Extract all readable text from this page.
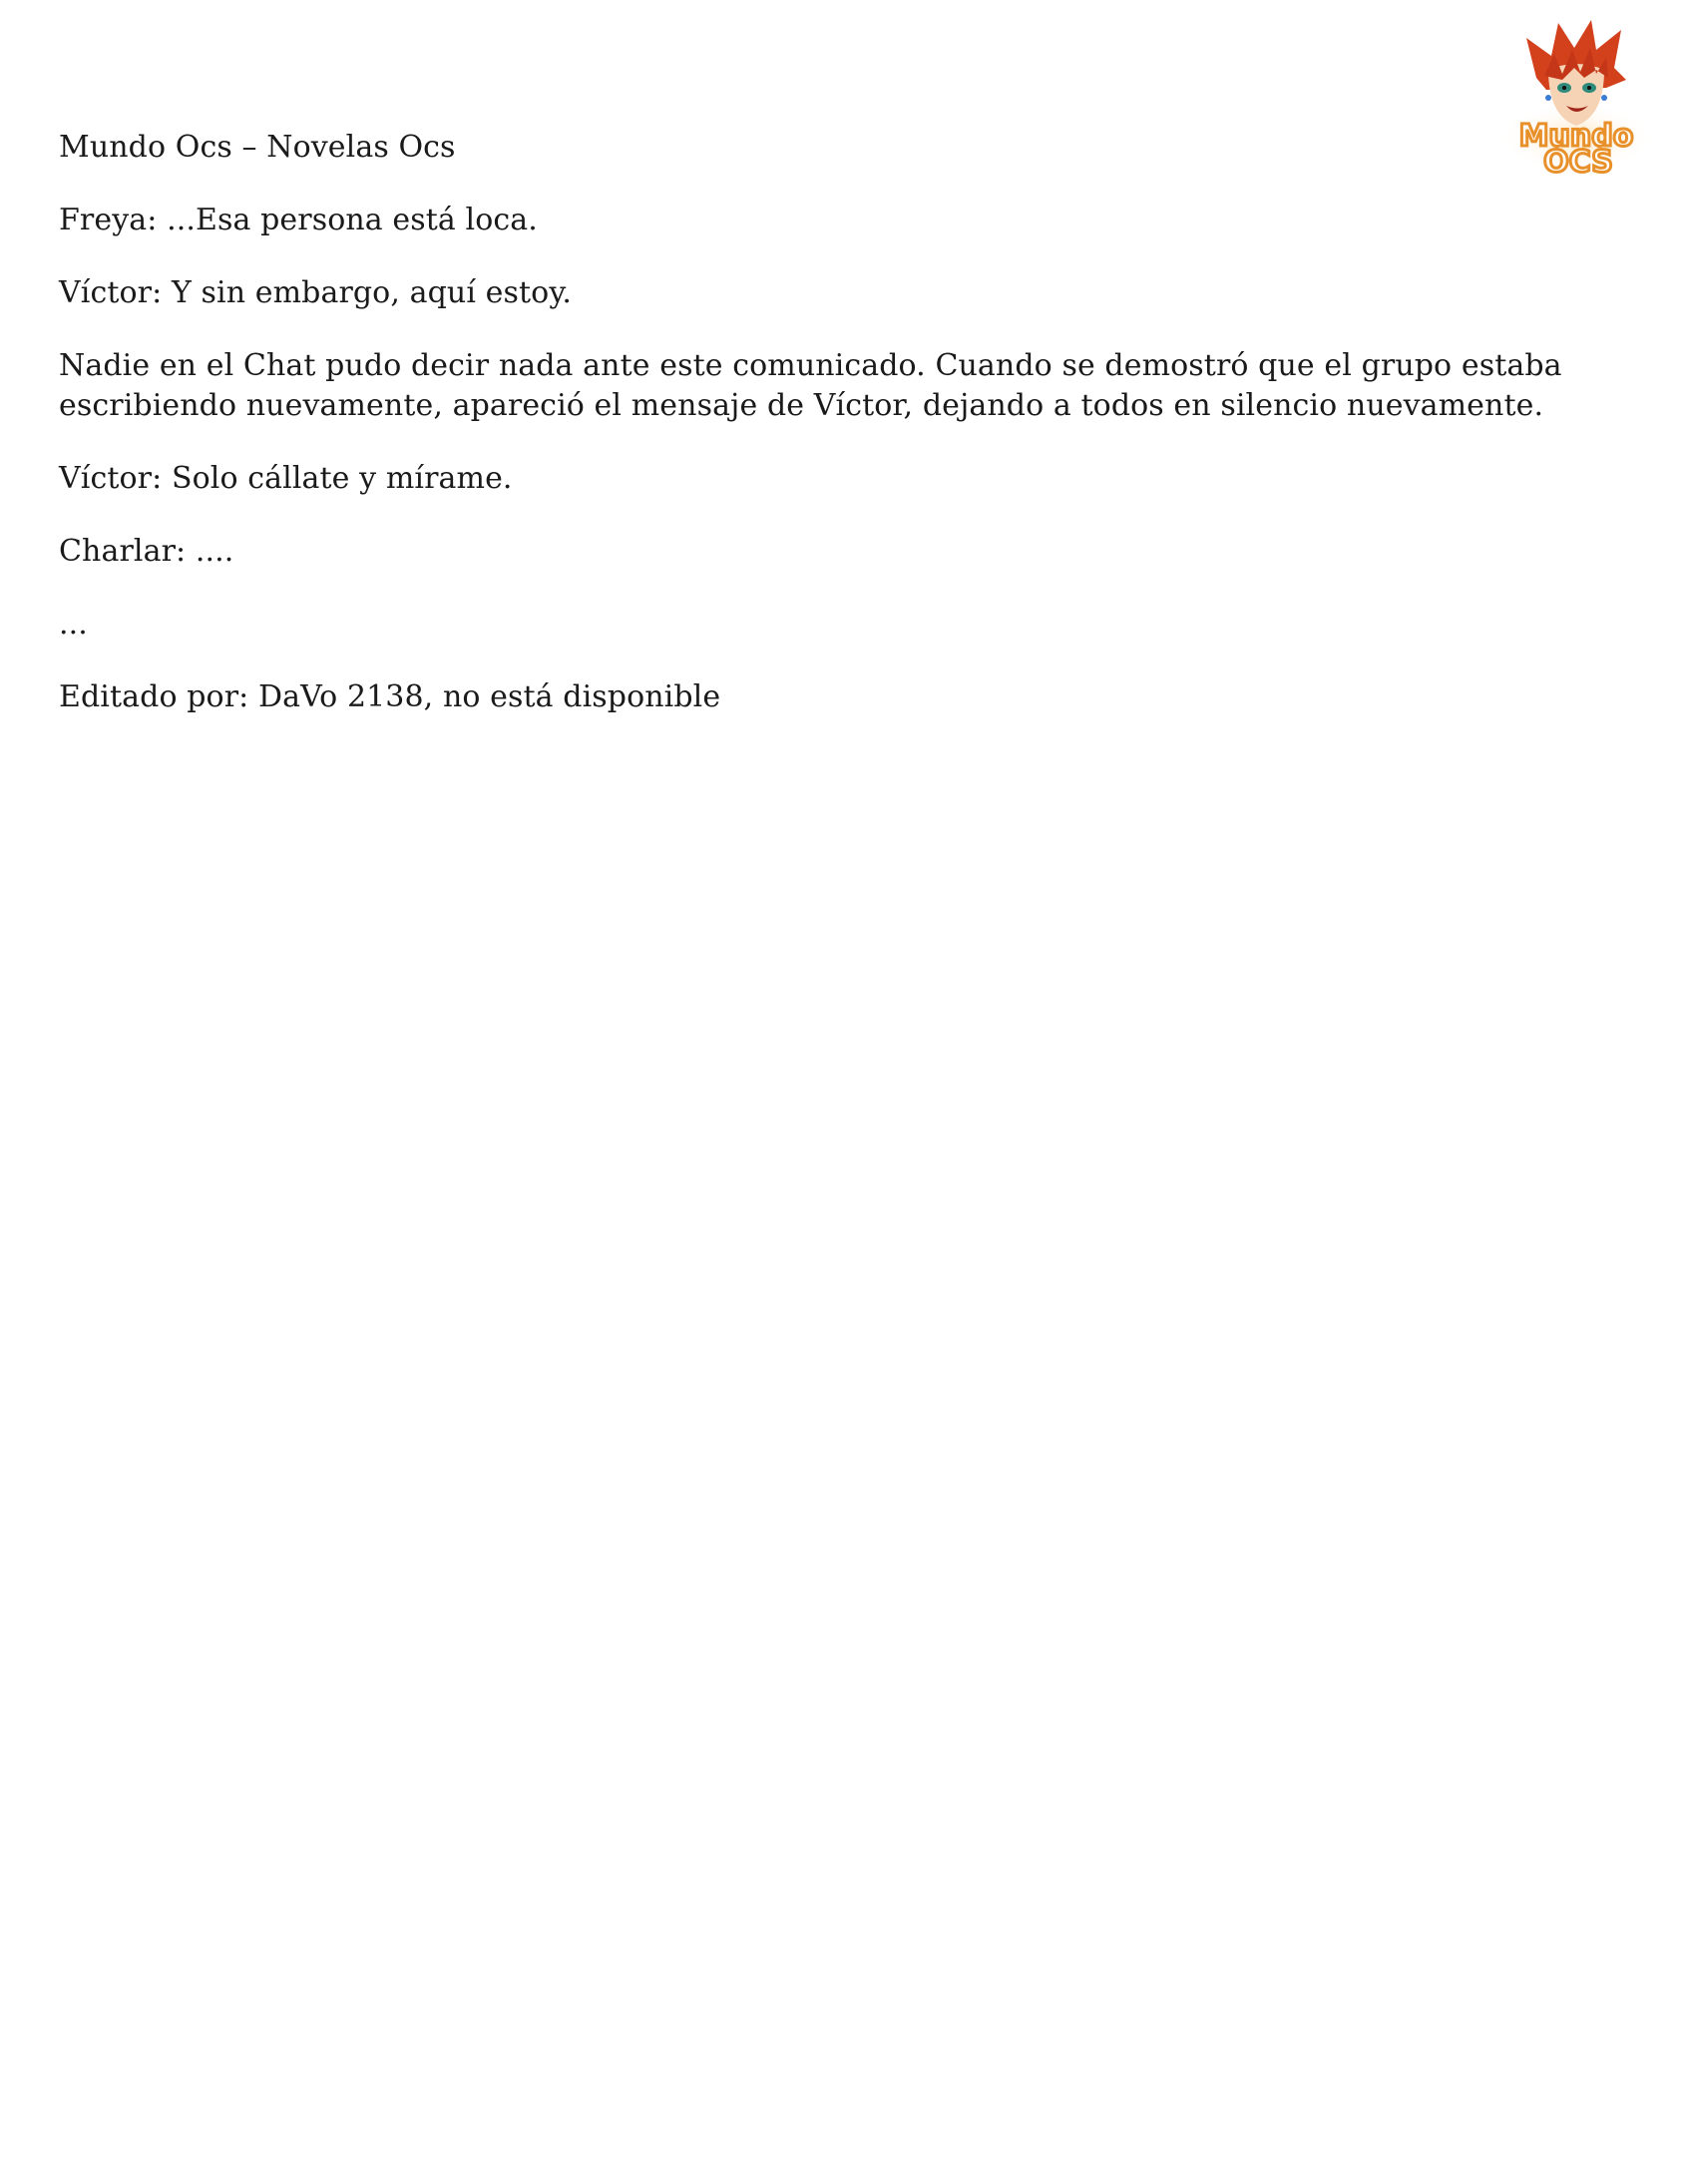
Mundo
OCS

Mundo Ocs – Novelas Ocs

Freya: ...Esa persona está loca.

Víctor: Y sin embargo, aquí estoy.

Nadie en el Chat pudo decir nada ante este comunicado. Cuando se demostró que el grupo estaba escribiendo nuevamente, apareció el mensaje de Víctor, dejando a todos en silencio nuevamente.

Víctor: Solo cállate y mírame.

Charlar: ....

...

Editado por: DaVo 2138, no está disponible
